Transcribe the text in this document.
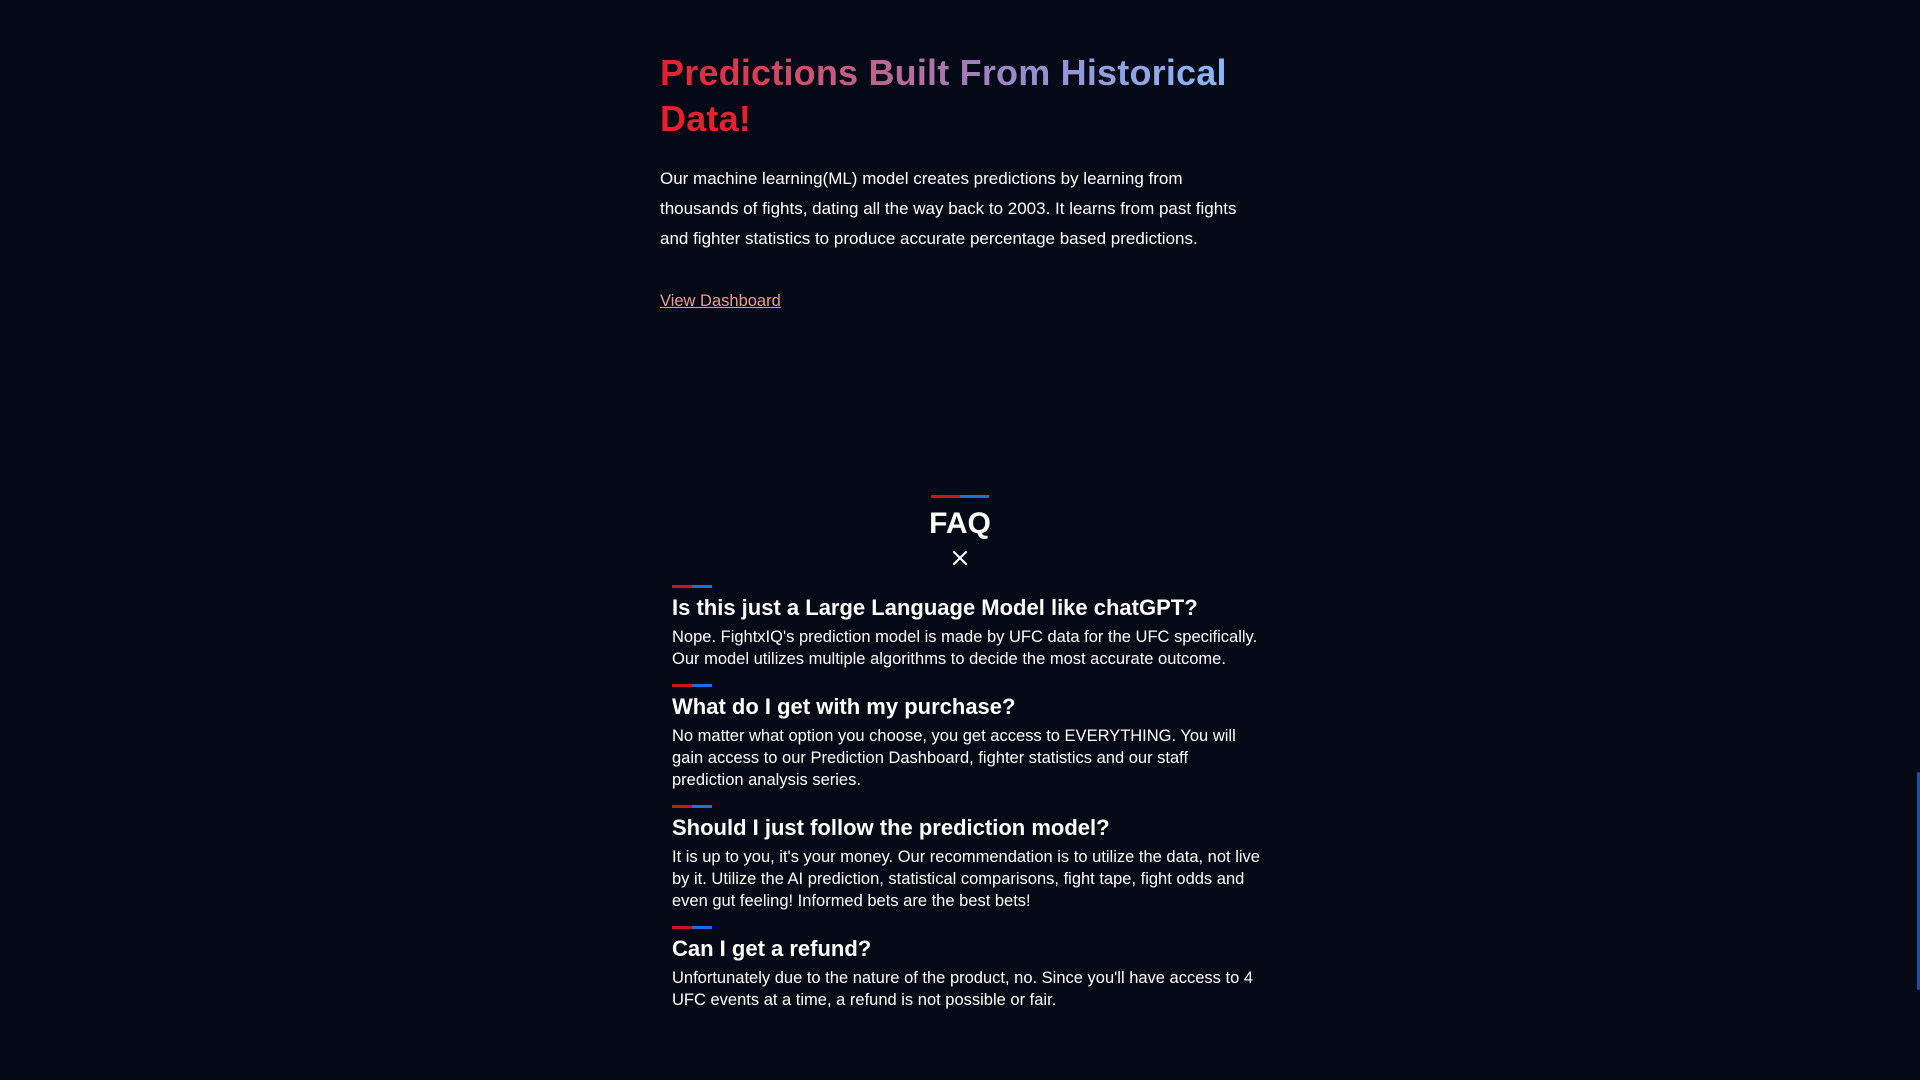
Predictions Built From Historical
Data!

Our machine learning(ML) model creates predictions by learning from thousands of fights, dating all the way back to 2003. It learns from past fights and fighter statistics to produce accurate percentage based predictions.

View Dashboard
FAQ
Is this just a Large Language Model like chatGPT?

Nope. FightxIQ's prediction model is made by UFC data for the UFC specifically. Our model utilizes multiple algorithms to decide the most accurate outcome.

What do I get with my purchase?

No matter what option you choose, you get access to EVERYTHING. You will gain access to our Prediction Dashboard, fighter statistics and our staff prediction analysis series.

Should I just follow the prediction model?

It is up to you, it's your money. Our recommendation is to utilize the data, not live by it. Utilize the AI prediction, statistical comparisons, fight tape, fight odds and even gut feeling! Informed bets are the best bets!

Can I get a refund?

Unfortunately due to the nature of the product, no. Since you'll have access to 4 UFC events at a time, a refund is not possible or fair.
